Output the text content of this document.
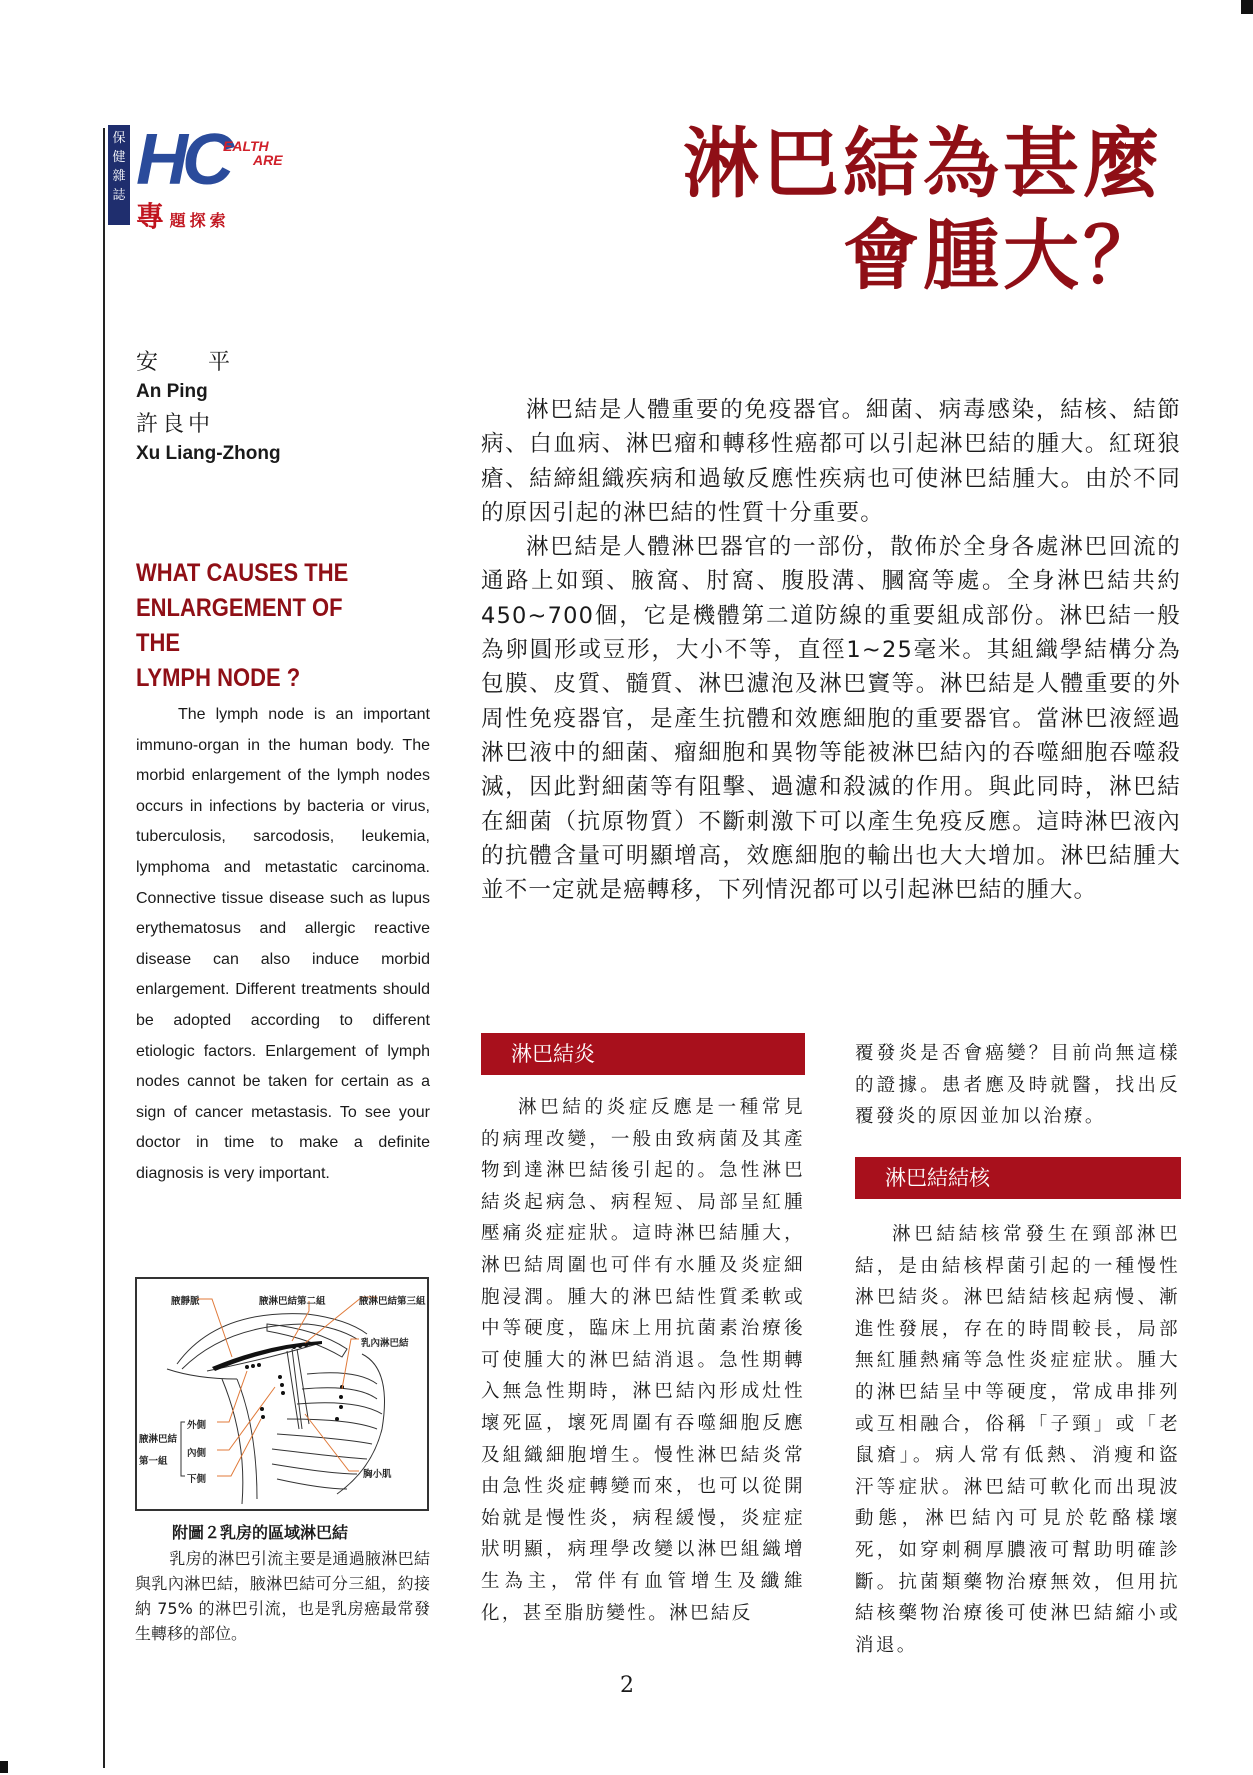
保
健
雜
誌 HC
EALTH
ARE
專 題探索
淋巴結為甚麼
會腫大？
安　平
An Ping
許良中
Xu Liang-Zhong
WHAT CAUSES THE
ENLARGEMENT OF THE
LYMPH NODE ?
The lymph node is an important immuno-organ in the human body. The morbid enlargement of the lymph nodes occurs in infections by bacteria or virus, tuberculosis, sarcodosis, leukemia, lymphoma and metastatic carcinoma. Connective tissue disease such as lupus erythematosus and allergic reactive disease can also induce morbid enlargement. Different treatments should be adopted according to different etiologic factors. Enlargement of lymph nodes cannot be taken for certain as a sign of cancer metastasis. To see your doctor in time to make a definite diagnosis is very important.

淋巴結是人體重要的免疫器官。細菌、病毒感染，結核、結節病、白血病、淋巴瘤和轉移性癌都可以引起淋巴結的腫大。紅斑狼瘡、結締組織疾病和過敏反應性疾病也可使淋巴結腫大。由於不同的原因引起的淋巴結的性質十分重要。

淋巴結是人體淋巴器官的一部份，散佈於全身各處淋巴回流的通路上如頸、腋窩、肘窩、腹股溝、膕窩等處。全身淋巴結共約450~700個，它是機體第二道防線的重要組成部份。淋巴結一般為卵圓形或豆形，大小不等，直徑1~25毫米。其組織學結構分為包膜、皮質、髓質、淋巴濾泡及淋巴竇等。淋巴結是人體重要的外周性免疫器官，是產生抗體和效應細胞的重要器官。當淋巴液經過淋巴液中的細菌、瘤細胞和異物等能被淋巴結內的吞噬細胞吞噬殺滅，因此對細菌等有阻擊、過濾和殺滅的作用。與此同時，淋巴結在細菌（抗原物質）不斷刺激下可以產生免疫反應。這時淋巴液內的抗體含量可明顯增高，效應細胞的輸出也大大增加。淋巴結腫大並不一定就是癌轉移，下列情況都可以引起淋巴結的腫大。

淋巴結炎

淋巴結的炎症反應是一種常見的病理改變，一般由致病菌及其產物到達淋巴結後引起的。急性淋巴結炎起病急、病程短、局部呈紅腫壓痛炎症症狀。這時淋巴結腫大，淋巴結周圍也可伴有水腫及炎症細胞浸潤。腫大的淋巴結性質柔軟或中等硬度，臨床上用抗菌素治療後可使腫大的淋巴結消退。急性期轉入無急性期時，淋巴結內形成灶性壞死區，壞死周圍有吞噬細胞反應及組織細胞增生。慢性淋巴結炎常由急性炎症轉變而來，也可以從開始就是慢性炎，病程緩慢，炎症症狀明顯，病理學改變以淋巴組織增生為主，常伴有血管增生及纖維化，甚至脂肪變性。淋巴結反

覆發炎是否會癌變？目前尚無這樣的證據。患者應及時就醫，找出反覆發炎的原因並加以治療。

淋巴結結核

淋巴結結核常發生在頸部淋巴結，是由結核桿菌引起的一種慢性淋巴結炎。淋巴結結核起病慢、漸進性發展，存在的時間較長，局部無紅腫熱痛等急性炎症症狀。腫大的淋巴結呈中等硬度，常成串排列或互相融合，俗稱「子頸」或「老鼠瘡」。病人常有低熱、消瘦和盜汗等症狀。淋巴結可軟化而出現波動態，淋巴結內可見於乾酪樣壞死，如穿刺稠厚膿液可幫助明確診斷。抗菌類藥物治療無效，但用抗結核藥物治療後可使淋巴結縮小或消退。

腋靜脈	腋淋巴結第二組	腋淋巴結第三組
乳內淋巴結
腋淋巴結
第一組
外側
內側
下側	胸小肌
附圖２乳房的區域淋巴結
乳房的淋巴引流主要是通過腋淋巴結與乳內淋巴結，腋淋巴結可分三組，約接納 75% 的淋巴引流，也是乳房癌最常發生轉移的部位。
2
